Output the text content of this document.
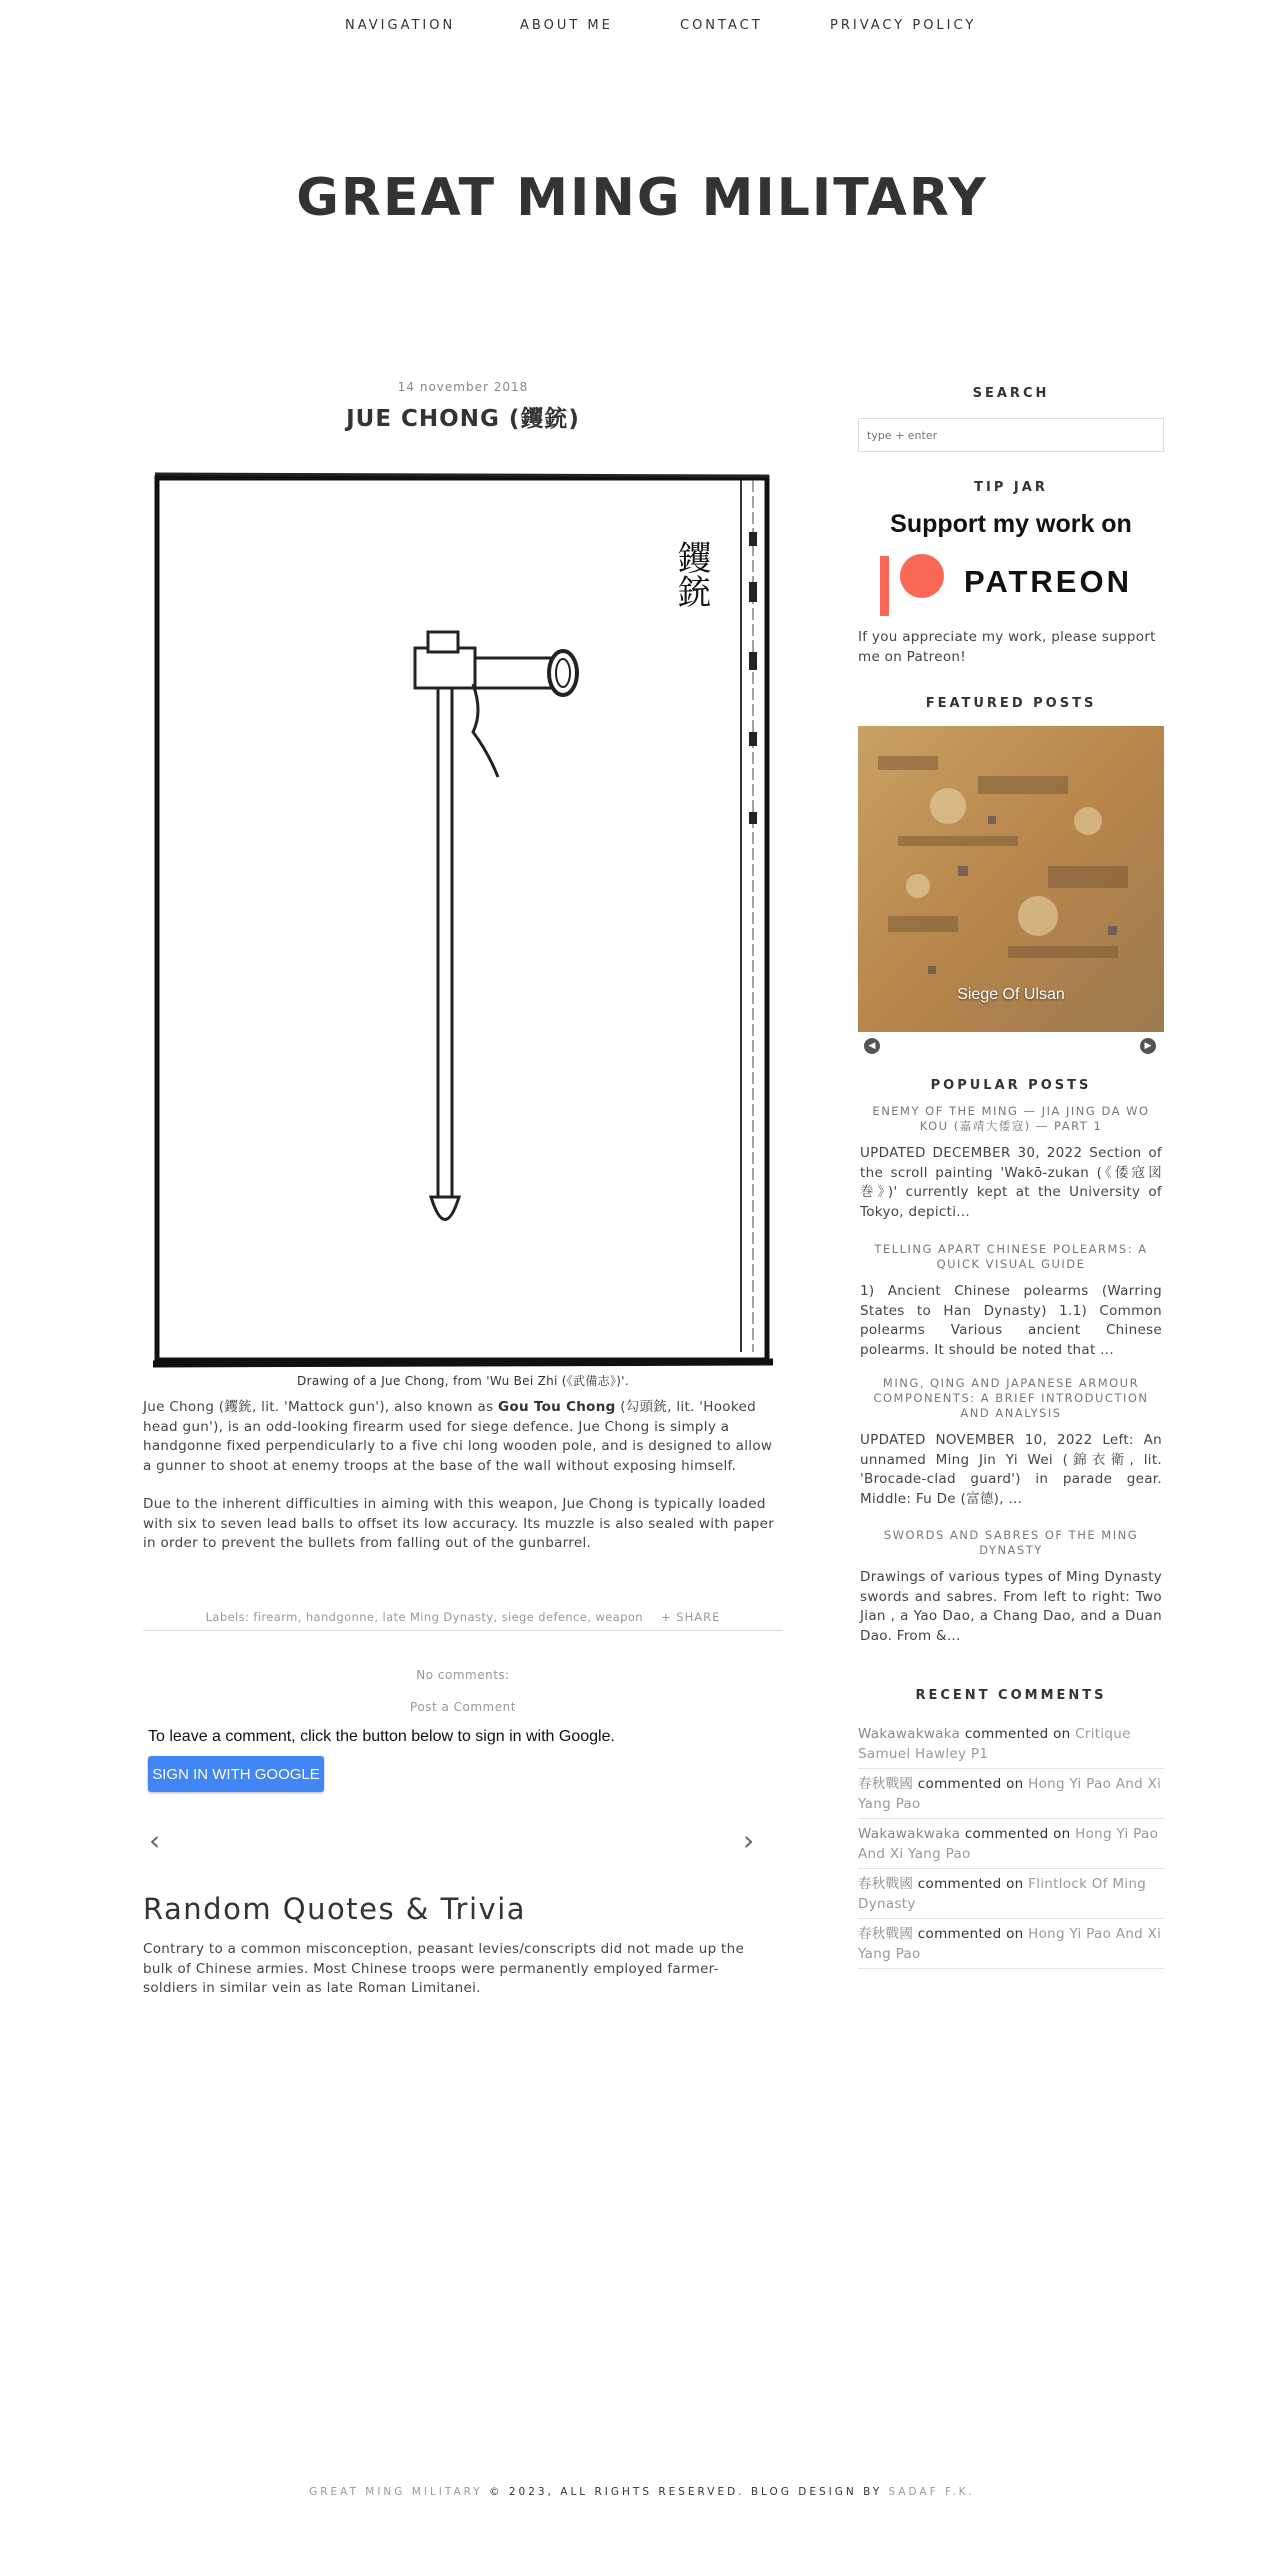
NAVIGATION	ABOUT ME	CONTACT	PRIVACY POLICY
GREAT MING MILITARY
14 november 2018
JUE CHONG (钁銃)
钁銃
Drawing of a Jue Chong, from 'Wu Bei Zhi (《武備志》)'.

Jue Chong (钁銃, lit. 'Mattock gun'), also known as Gou Tou Chong (勾頭銃, lit. 'Hooked head gun'), is an odd-looking firearm used for siege defence. Jue Chong is simply a handgonne fixed perpendicularly to a five chi long wooden pole, and is designed to allow a gunner to shoot at enemy troops at the base of the wall without exposing himself.

Due to the inherent difficulties in aiming with this weapon, Jue Chong is typically loaded with six to seven lead balls to offset its low accuracy. Its muzzle is also sealed with paper in order to prevent the bullets from falling out of the gunbarrel.

Labels: firearm, handgonne, late Ming Dynasty, siege defence, weapon + SHARE
No comments:
Post a Comment
To leave a comment, click the button below to sign in with Google.
SIGN IN WITH GOOGLE
‹	›
Random Quotes & Trivia
Contrary to a common misconception, peasant levies/conscripts did not made up the bulk of Chinese armies. Most Chinese troops were permanently employed farmer-soldiers in similar vein as late Roman Limitanei.
SEARCH
type + enter
TIP JAR
Support my work on
PATREON
If you appreciate my work, please support me on Patreon!
FEATURED POSTS
Siege Of Ulsan
◀	▶
POPULAR POSTS
ENEMY OF THE MING — JIA JING DA WO KOU (嘉靖大倭寇) — PART 1
UPDATED DECEMBER 30, 2022 Section of the scroll painting 'Wakō-zukan (《倭寇図巻》)' currently kept at the University of Tokyo, depicti...
TELLING APART CHINESE POLEARMS: A QUICK VISUAL GUIDE
1) Ancient Chinese polearms (Warring States to Han Dynasty) 1.1) Common polearms Various ancient Chinese polearms. It should be noted that ...
MING, QING AND JAPANESE ARMOUR COMPONENTS: A BRIEF INTRODUCTION AND ANALYSIS
UPDATED NOVEMBER 10, 2022 Left: An unnamed Ming Jin Yi Wei (錦衣衛, lit. 'Brocade-clad guard') in parade gear. Middle: Fu De (富德), ...
SWORDS AND SABRES OF THE MING DYNASTY
Drawings of various types of Ming Dynasty swords and sabres. From left to right: Two Jian , a Yao Dao, a Chang Dao, and a Duan Dao. From &...
RECENT COMMENTS
Wakawakwaka commented on Critique Samuel Hawley P1
春秋戰國 commented on Hong Yi Pao And Xi Yang Pao
Wakawakwaka commented on Hong Yi Pao And Xi Yang Pao
春秋戰國 commented on Flintlock Of Ming Dynasty
春秋戰國 commented on Hong Yi Pao And Xi Yang Pao
GREAT MING MILITARY © 2023, ALL RIGHTS RESERVED. BLOG DESIGN BY SADAF F.K.
